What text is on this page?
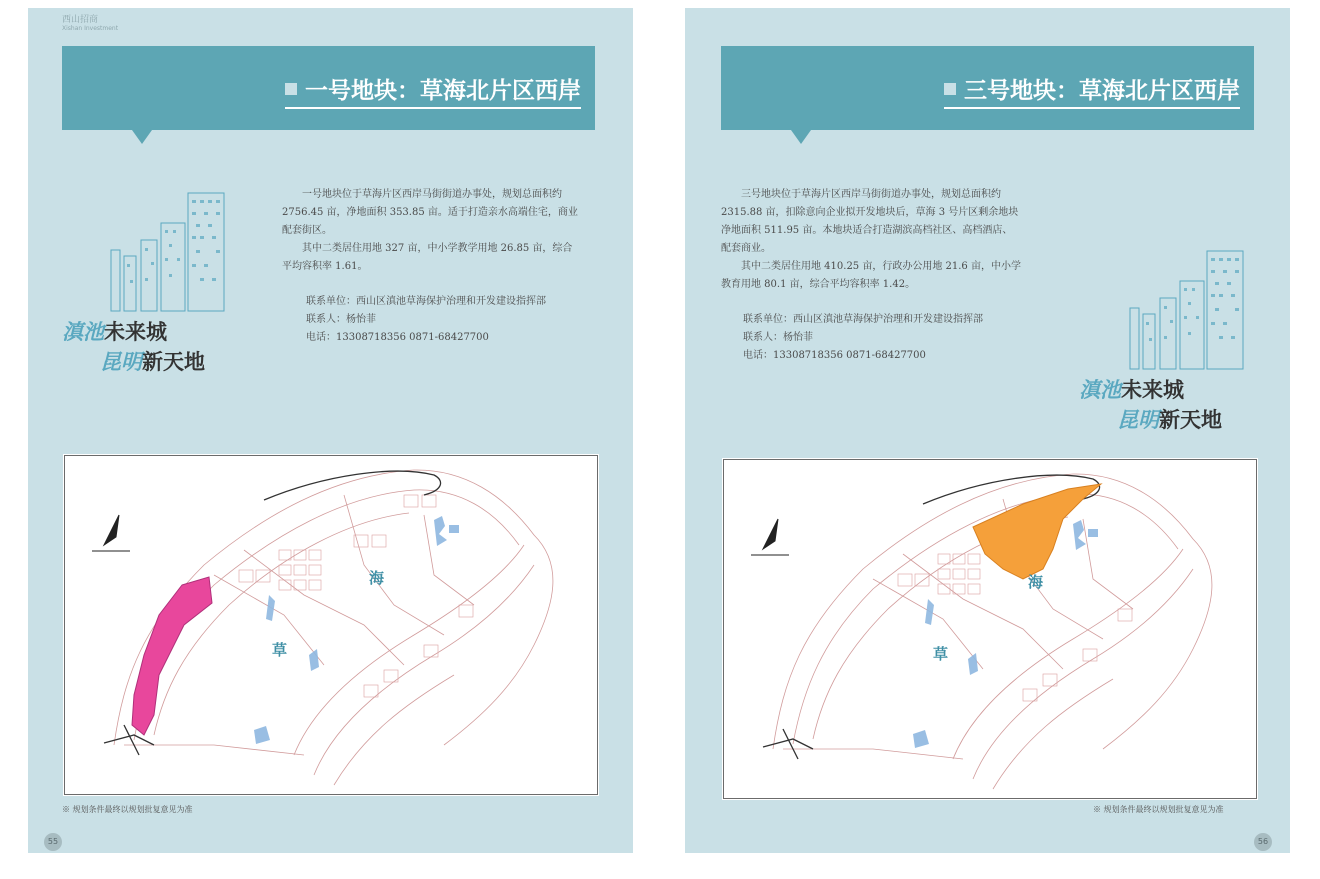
西山招商
Xishan Investment
一号地块：草海北片区西岸
滇池未来城
昆明新天地

一号地块位于草海片区西岸马街街道办事处，规划总面积约 2756.45 亩，净地面积 353.85 亩。适于打造亲水高端住宅，商业配套街区。

其中二类居住用地 327 亩，中小学教学用地 26.85 亩，综合平均容积率 1.61。

联系单位：西山区滇池草海保护治理和开发建设指挥部
联系人：杨怡菲
电话：13308718356 0871-68427700
海
草
※ 规划条件最终以规划批复意见为准
55
三号地块：草海北片区西岸

三号地块位于草海片区西岸马街街道办事处，规划总面积约 2315.88 亩，扣除意向企业拟开发地块后，草海 3 号片区剩余地块净地面积 511.95 亩。本地块适合打造湖滨高档社区、高档酒店、配套商业。

其中二类居住用地 410.25 亩，行政办公用地 21.6 亩，中小学教育用地 80.1 亩，综合平均容积率 1.42。

联系单位：西山区滇池草海保护治理和开发建设指挥部
联系人：杨怡菲
电话：13308718356 0871-68427700
滇池未来城
昆明新天地
海
草
※ 规划条件最终以规划批复意见为准
56
